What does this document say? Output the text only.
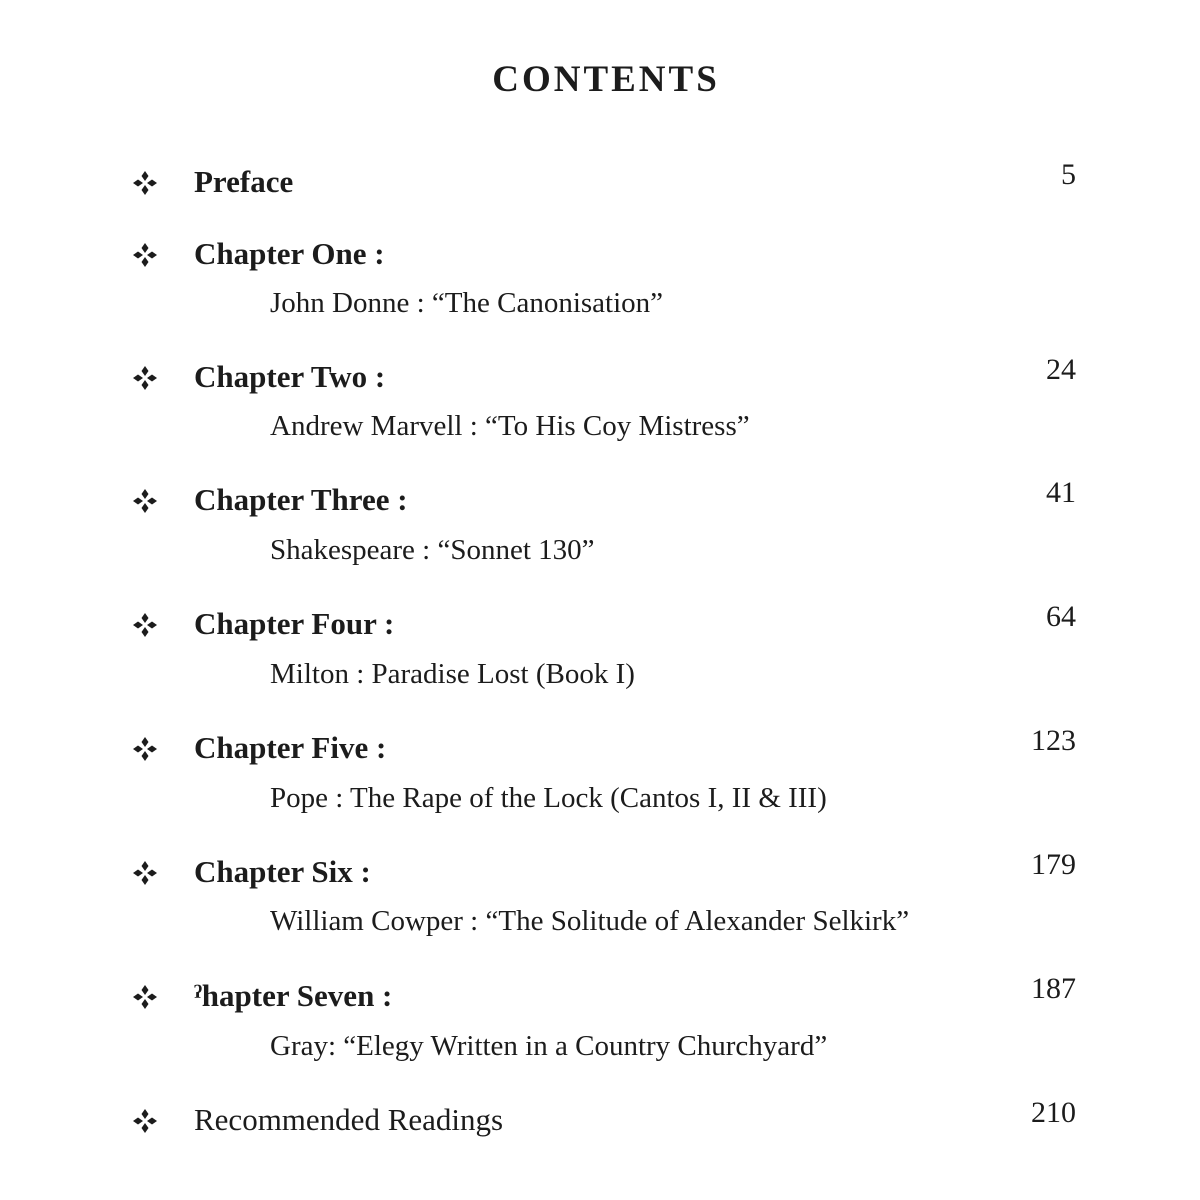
CONTENTS
Preface	5
Chapter One :
John Donne : “The Canonisation”
Chapter Two :
Andrew Marvell : “To His Coy Mistress”
24
Chapter Three :
Shakespeare : “Sonnet 130”
41
Chapter Four :
Milton : Paradise Lost (Book I)
64
Chapter Five :
Pope : The Rape of the Lock (Cantos I, II & III)
123
Chapter Six :
William Cowper : “The Solitude of Alexander Selkirk”
179
ˀhapter Seven :
Gray: “Elegy Written in a Country Churchyard”
187
Recommended Readings	210
